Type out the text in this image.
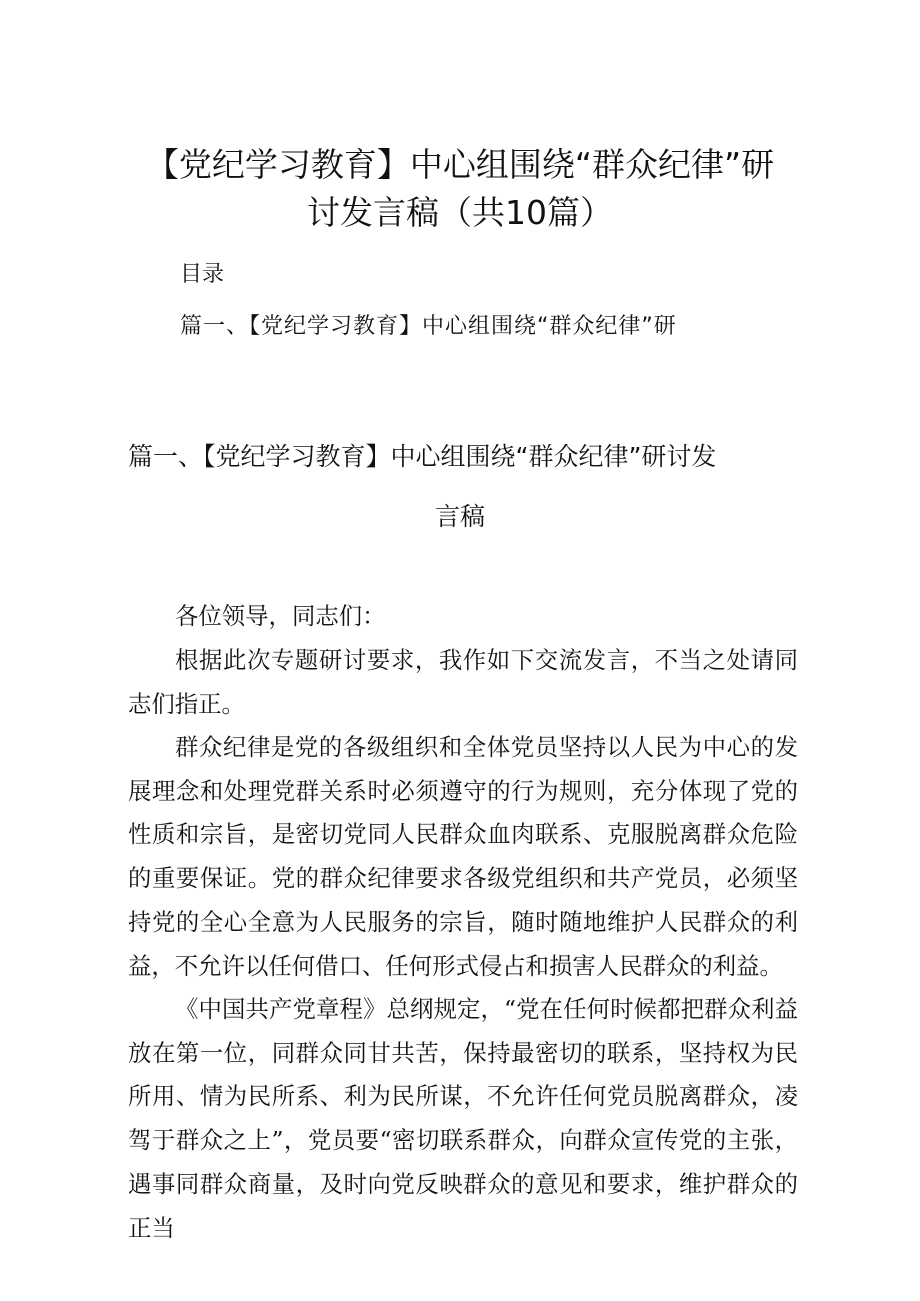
【党纪学习教育】中心组围绕“群众纪律”研
讨发言稿（共10篇）

目录

篇一、【党纪学习教育】中心组围绕“群众纪律”研

篇一、【党纪学习教育】中心组围绕“群众纪律”研讨发
言稿

各位领导，同志们：

根据此次专题研讨要求，我作如下交流发言，不当之处请同志们指正。

群众纪律是党的各级组织和全体党员坚持以人民为中心的发展理念和处理党群关系时必须遵守的行为规则，充分体现了党的性质和宗旨，是密切党同人民群众血肉联系、克服脱离群众危险的重要保证。党的群众纪律要求各级党组织和共产党员，必须坚持党的全心全意为人民服务的宗旨，随时随地维护人民群众的利益，不允许以任何借口、任何形式侵占和损害人民群众的利益。

《中国共产党章程》总纲规定，“党在任何时候都把群众利益放在第一位，同群众同甘共苦，保持最密切的联系，坚持权为民所用、情为民所系、利为民所谋，不允许任何党员脱离群众，凌驾于群众之上”，党员要“密切联系群众，向群众宣传党的主张，遇事同群众商量，及时向党反映群众的意见和要求，维护群众的正当
